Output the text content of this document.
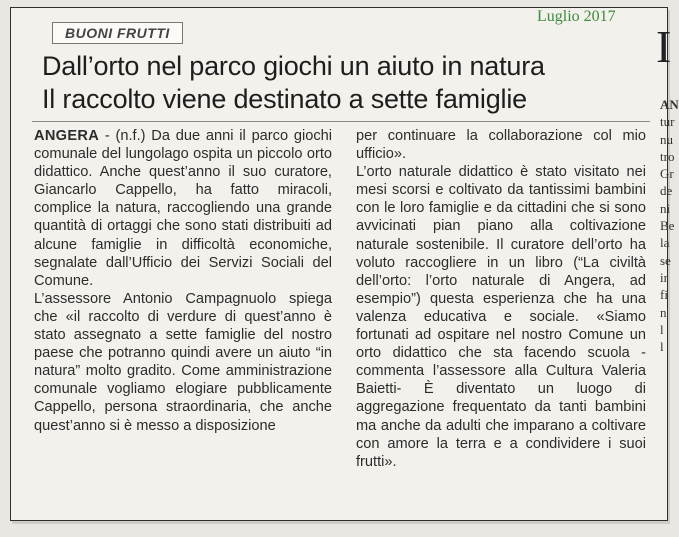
BUONI FRUTTI
Luglio 2017
Dall’orto nel parco giochi un aiuto in natura
Il raccolto viene destinato a sette famiglie

ANGERA - (n.f.) Da due anni il parco giochi comunale del lungolago ospita un piccolo orto didattico. Anche quest’anno il suo curatore, Giancarlo Cappello, ha fatto miracoli, complice la natura, raccogliendo una grande quantità di ortaggi che sono stati distribuiti ad alcune famiglie in difficoltà economiche, segnalate dall’Ufficio dei Servizi Sociali del Comune.

L’assessore Antonio Campagnuolo spiega che «il raccolto di verdure di quest’anno è stato assegnato a sette famiglie del nostro paese che potranno quindi avere un aiuto “in natura” molto gradito. Come amministrazione comunale vogliamo elogiare pubblicamente Cappello, persona straordinaria, che anche quest’anno si è messo a disposizione

per continuare la collaborazione col mio ufficio».

L’orto naturale didattico è stato visitato nei mesi scorsi e coltivato da tantissimi bambini con le loro famiglie e da cittadini che si sono avvicinati pian piano alla coltivazione naturale sostenibile. Il curatore dell’orto ha voluto raccogliere in un libro (“La civiltà dell’orto: l’orto naturale di Angera, ad esempio”) questa esperienza che ha una valenza educativa e sociale. «Siamo fortunati ad ospitare nel nostro Comune un orto didattico che sta facendo scuola -commenta l’assessore alla Cultura Valeria Baietti- È diventato un luogo di aggregazione frequentato da tanti bambini ma anche da adulti che imparano a coltivare con amore la terra e a condividere i suoi frutti».

I
AN
tur
nu
tro
Gr
de
ni
Be
la
se
ir
fi
n
l
l
